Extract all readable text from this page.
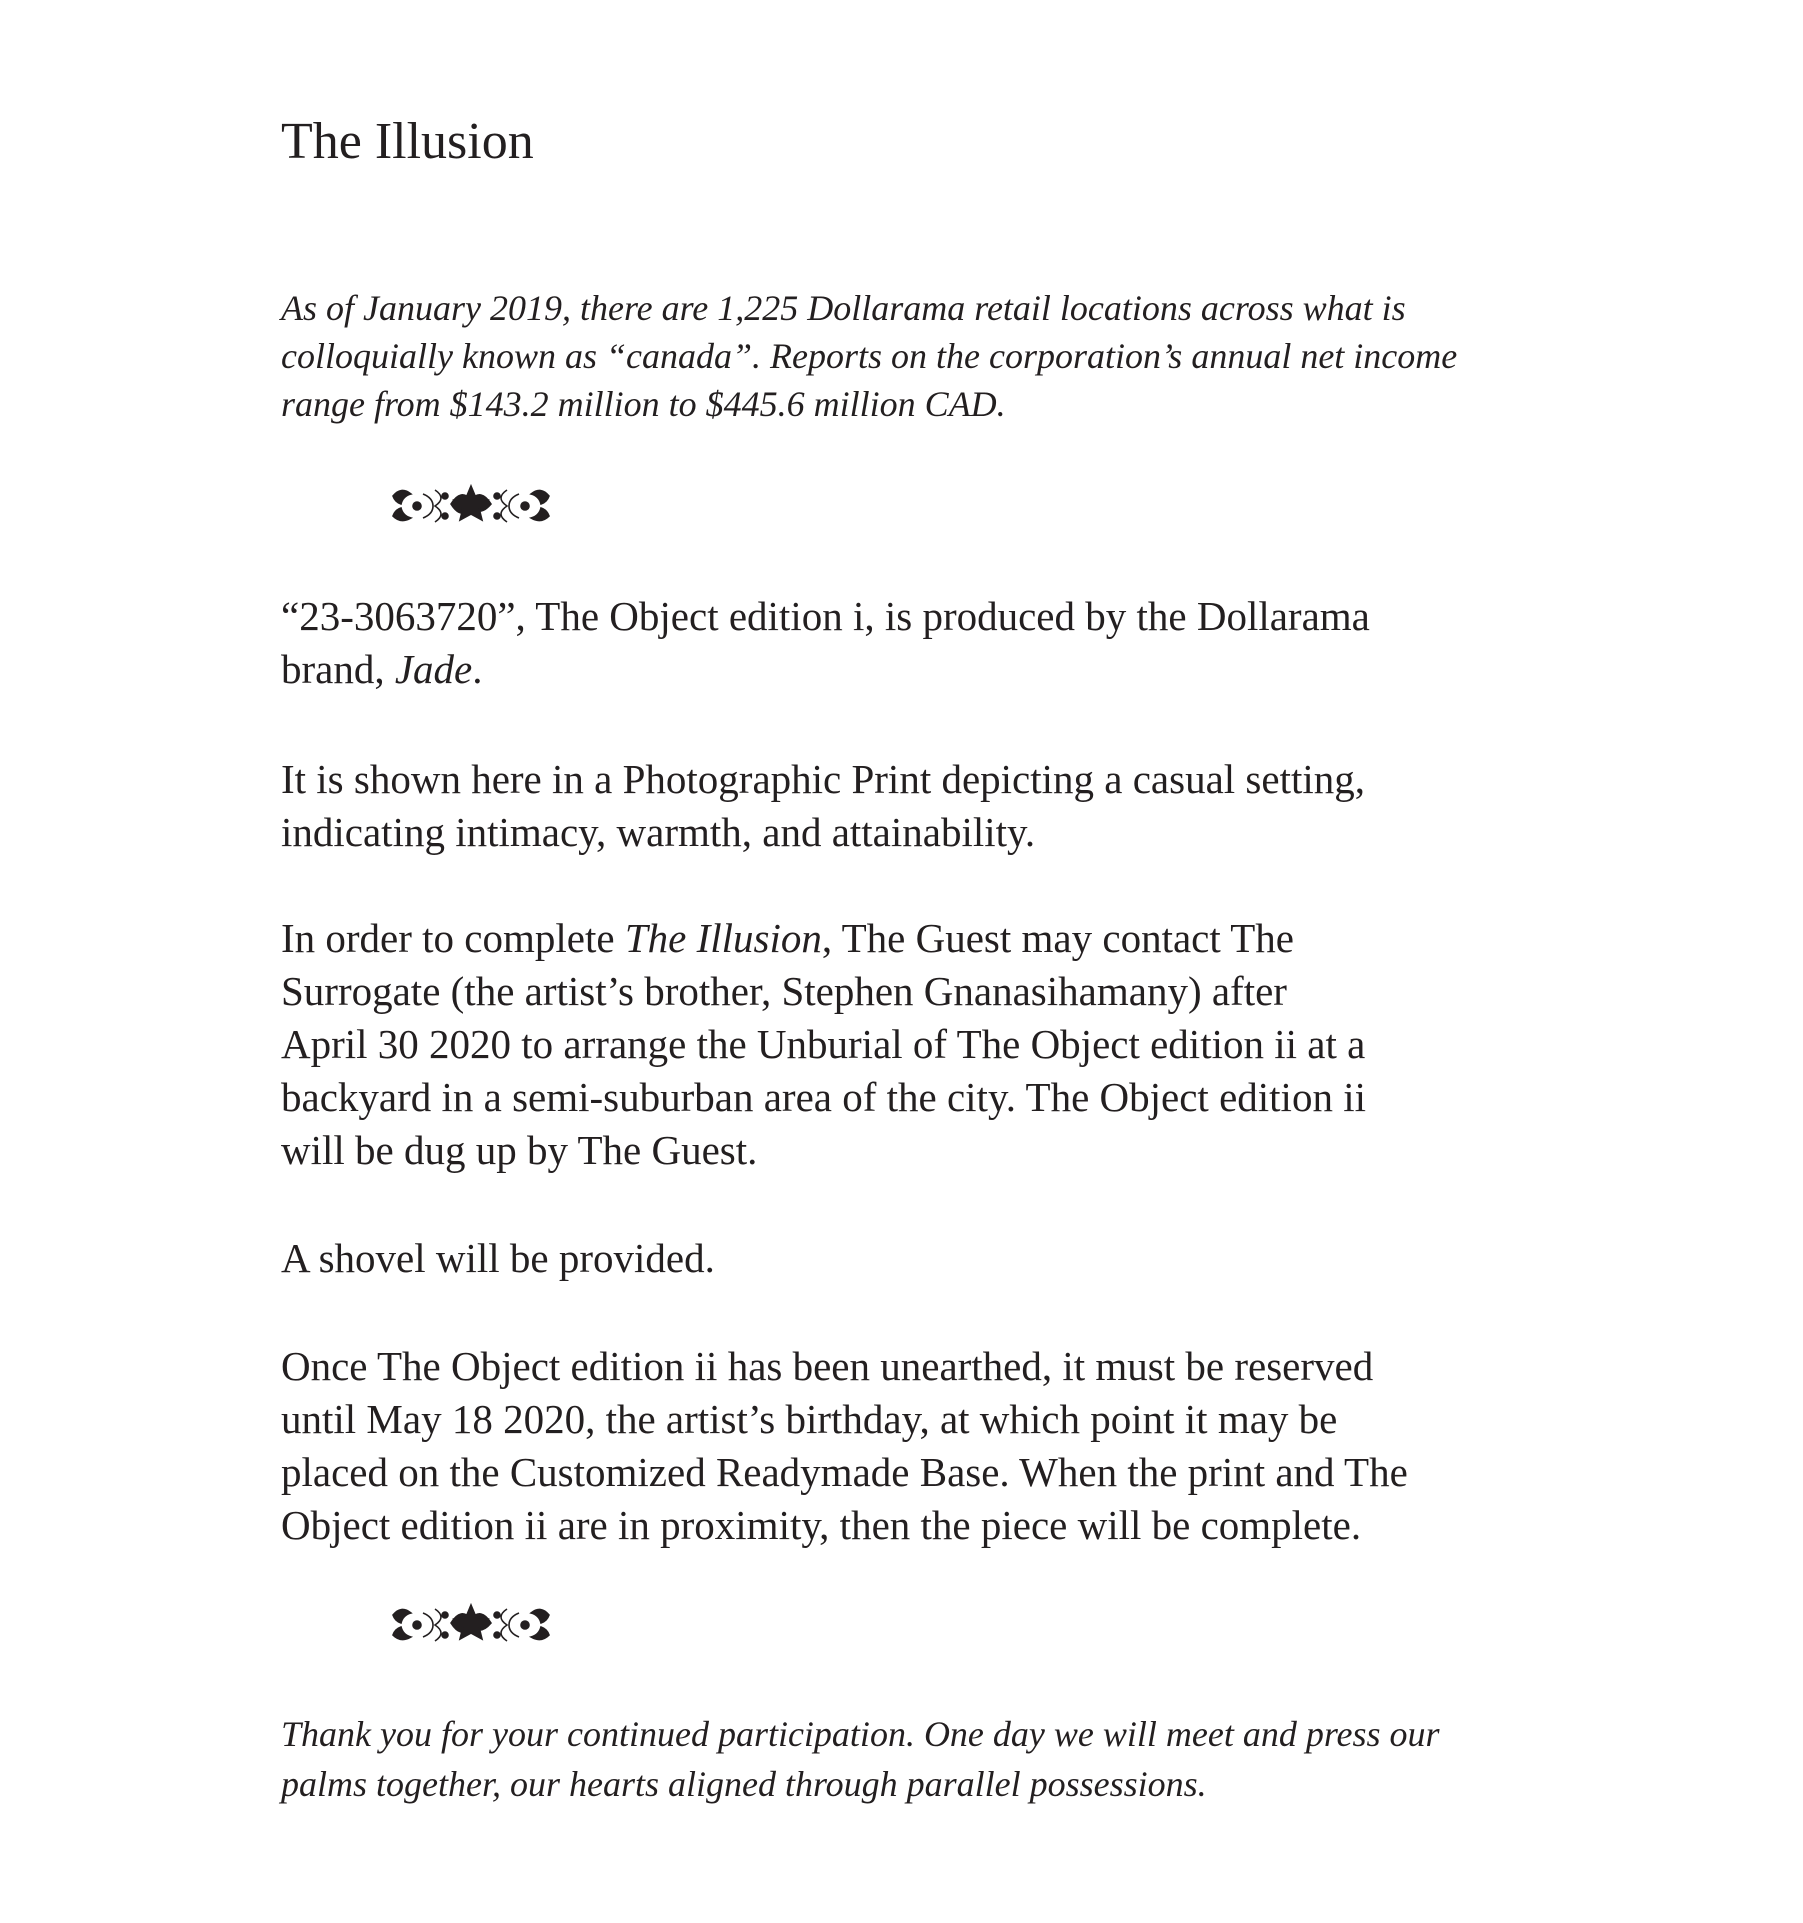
The Illusion
As of January 2019, there are 1,225 Dollarama retail locations across what is
colloquially known as “canada”. Reports on the corporation’s annual net income
range from $143.2 million to $445.6 million CAD.
“23-3063720”, The Object edition i, is produced by the Dollarama
brand, Jade.
It is shown here in a Photographic Print depicting a casual setting,
indicating intimacy, warmth, and attainability.
In order to complete The Illusion, The Guest may contact The
Surrogate (the artist’s brother, Stephen Gnanasihamany) after
April 30 2020 to arrange the Unburial of The Object edition ii at a
backyard in a semi-suburban area of the city. The Object edition ii
will be dug up by The Guest.
A shovel will be provided.
Once The Object edition ii has been unearthed, it must be reserved
until May 18 2020, the artist’s birthday, at which point it may be
placed on the Customized Readymade Base. When the print and The
Object edition ii are in proximity, then the piece will be complete.
Thank you for your continued participation. One day we will meet and press our
palms together, our hearts aligned through parallel possessions.
